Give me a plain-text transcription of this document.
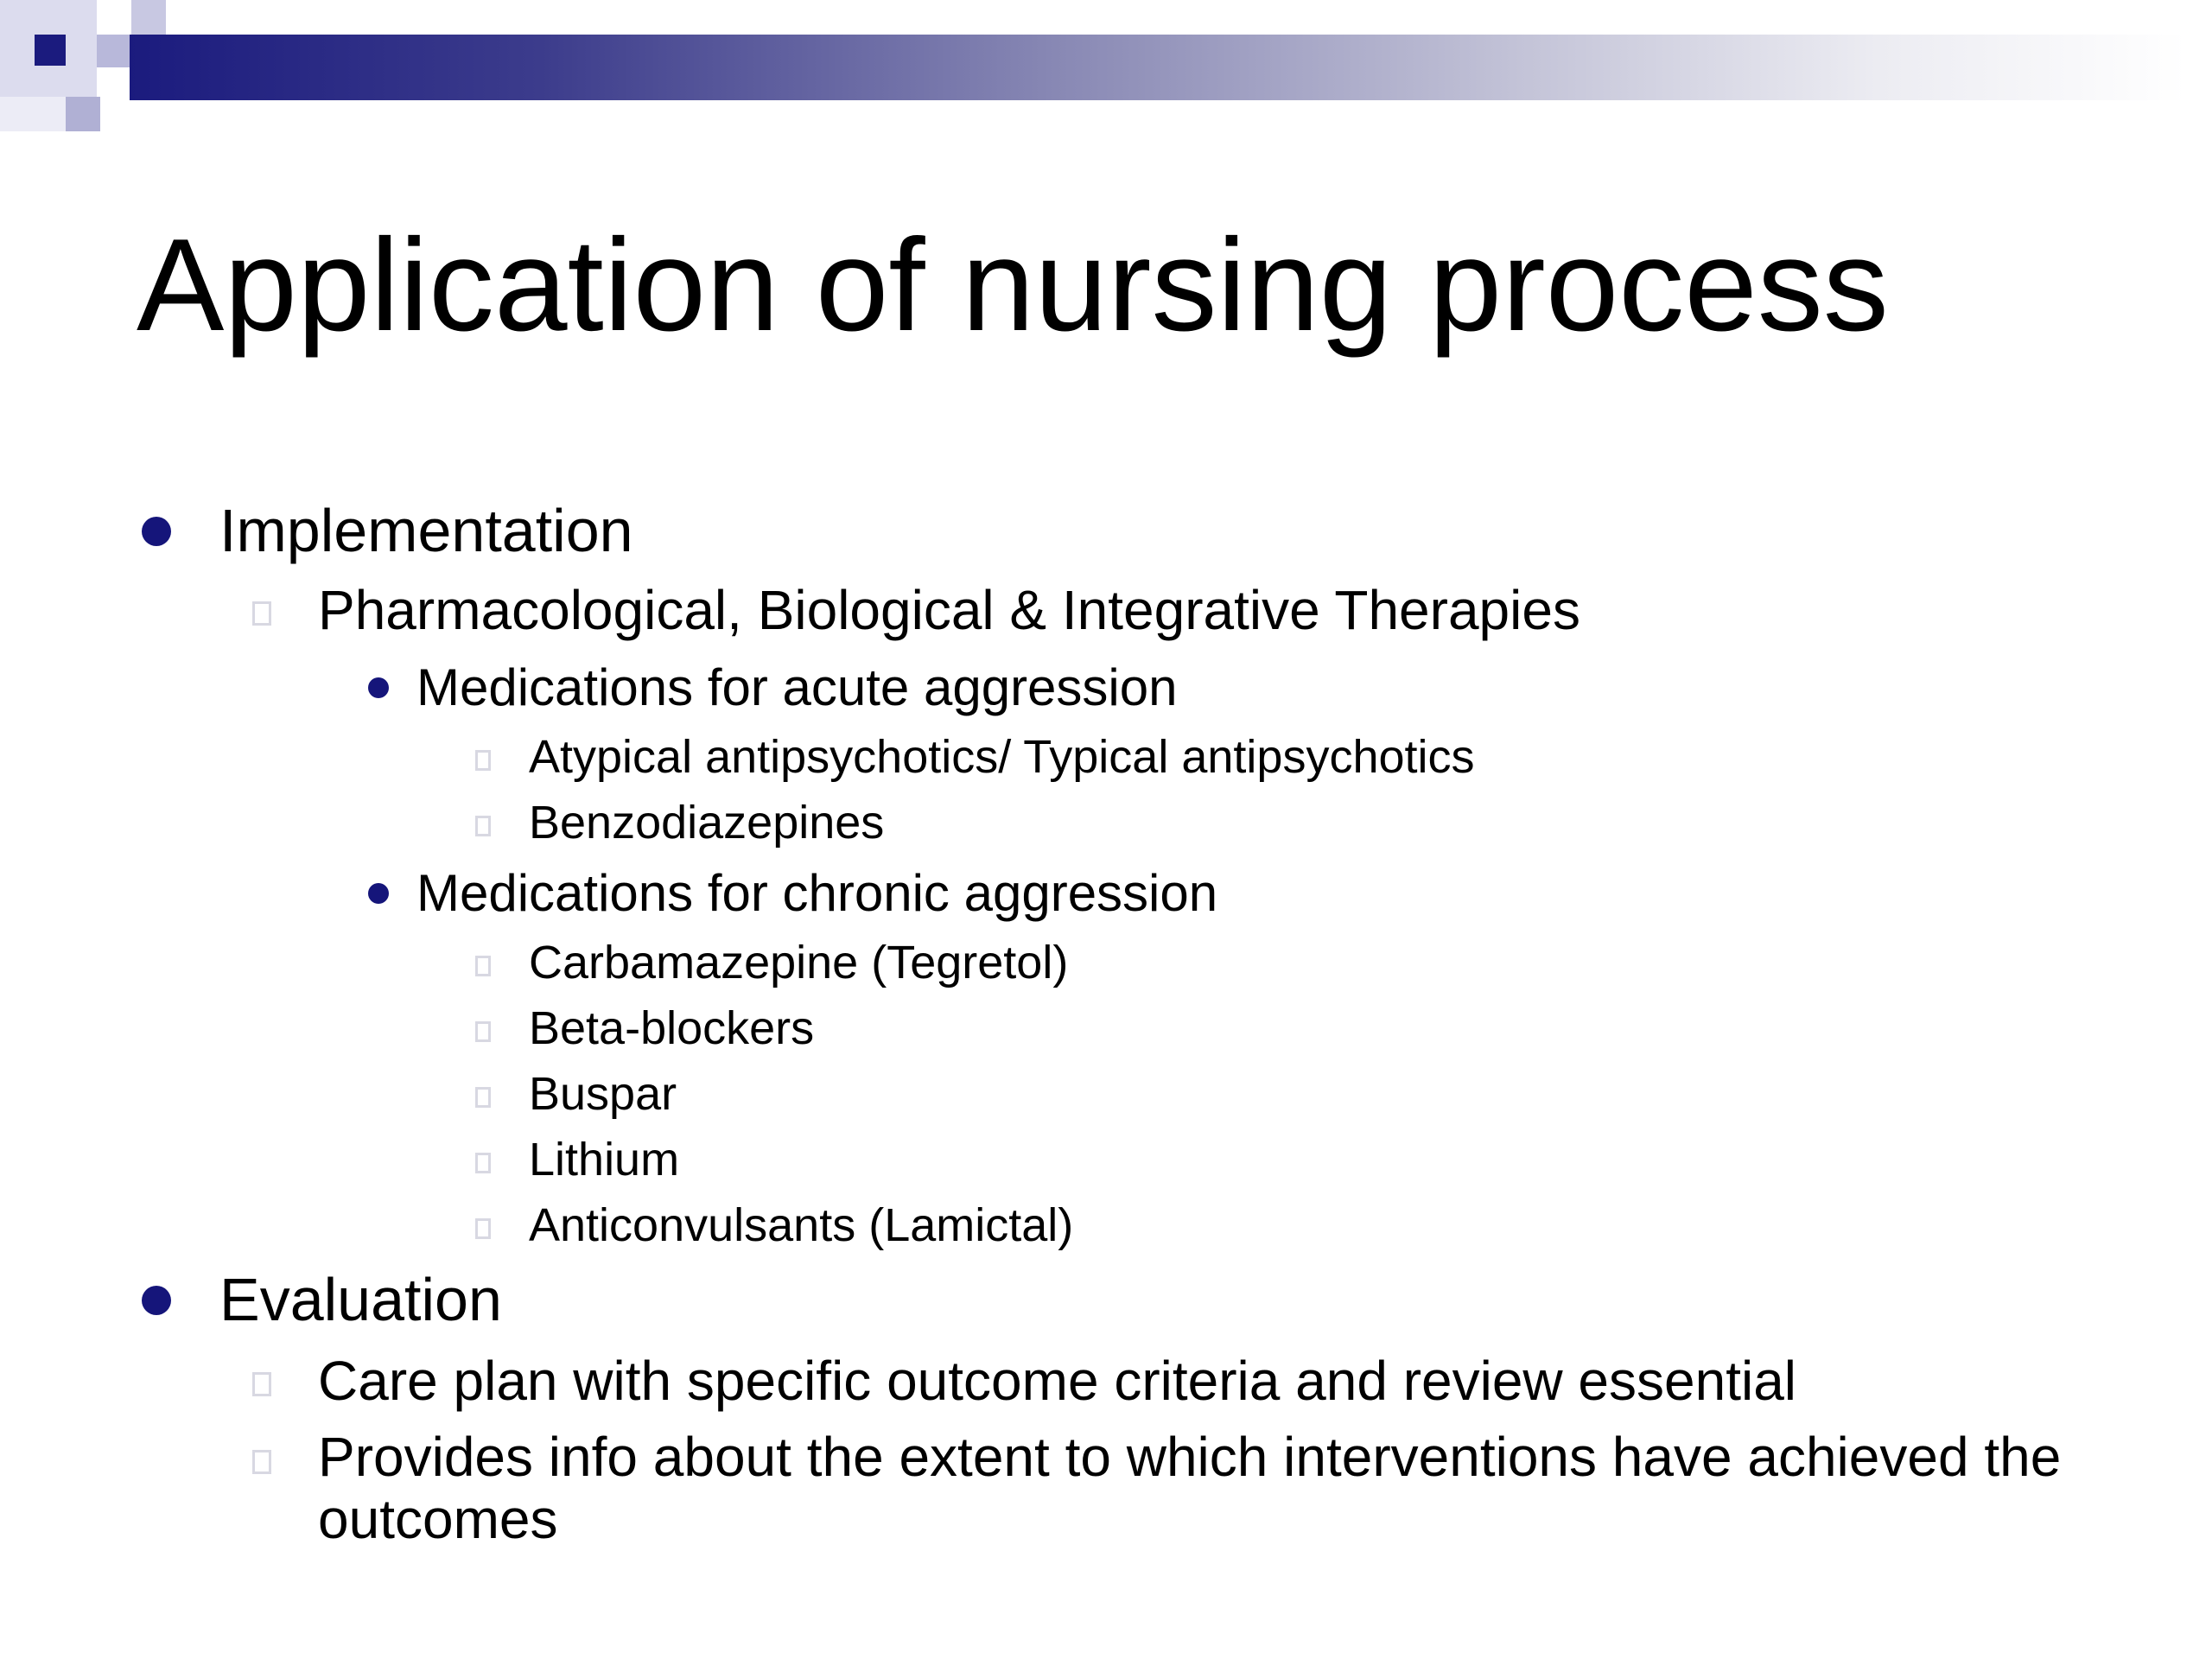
Application of nursing process
Implementation
Pharmacological, Biological & Integrative Therapies
Medications for acute aggression
Atypical antipsychotics/ Typical antipsychotics
Benzodiazepines
Medications for chronic aggression
Carbamazepine (Tegretol)
Beta-blockers
Buspar
Lithium
Anticonvulsants (Lamictal)
Evaluation
Care plan with specific outcome criteria and review essential
Provides info about the extent to which interventions have achieved the outcomes
